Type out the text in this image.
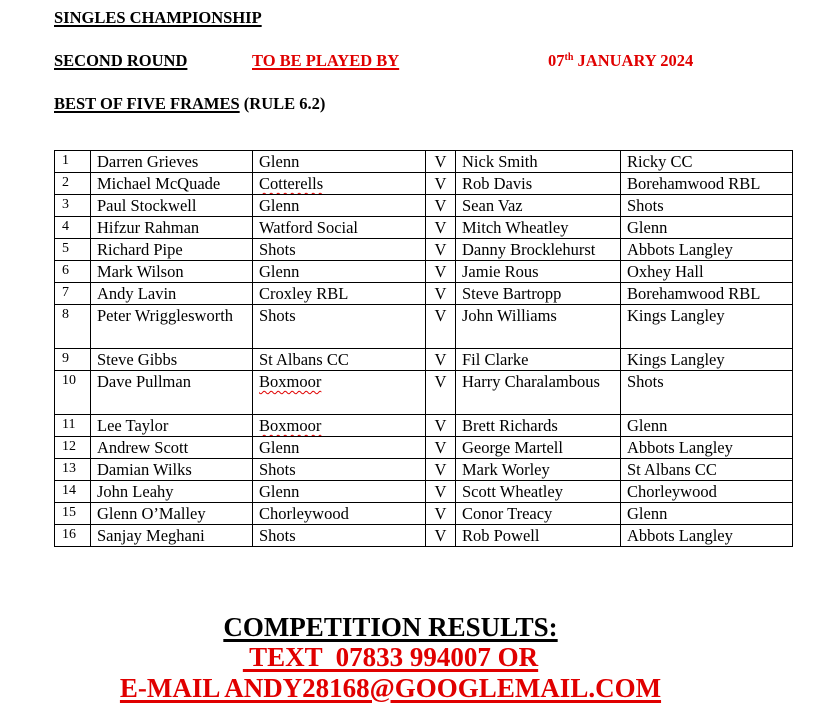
SINGLES CHAMPIONSHIP
SECOND ROUND	TO BE PLAYED BY	07th JANUARY 2024
BEST OF FIVE FRAMES (RULE 6.2)
1	Darren Grieves	Glenn	V	Nick Smith	Ricky CC
2	Michael McQuade	Cotterells	V	Rob Davis	Borehamwood RBL
3	Paul Stockwell	Glenn	V	Sean Vaz	Shots
4	Hifzur Rahman	Watford Social	V	Mitch Wheatley	Glenn
5	Richard Pipe	Shots	V	Danny Brocklehurst	Abbots Langley
6	Mark Wilson	Glenn	V	Jamie Rous	Oxhey Hall
7	Andy Lavin	Croxley RBL	V	Steve Bartropp	Borehamwood RBL
8	Peter Wrigglesworth	Shots	V	John Williams	Kings Langley
9	Steve Gibbs	St Albans CC	V	Fil Clarke	Kings Langley
10	Dave Pullman	Boxmoor	V	Harry Charalambous	Shots
11	Lee Taylor	Boxmoor	V	Brett Richards	Glenn
12	Andrew Scott	Glenn	V	George Martell	Abbots Langley
13	Damian Wilks	Shots	V	Mark Worley	St Albans CC
14	John Leahy	Glenn	V	Scott Wheatley	Chorleywood
15	Glenn O’Malley	Chorleywood	V	Conor Treacy	Glenn
16	Sanjay Meghani	Shots	V	Rob Powell	Abbots Langley
COMPETITION RESULTS:
TEXT  07833 994007 OR
E-MAIL ANDY28168@GOOGLEMAIL.COM
